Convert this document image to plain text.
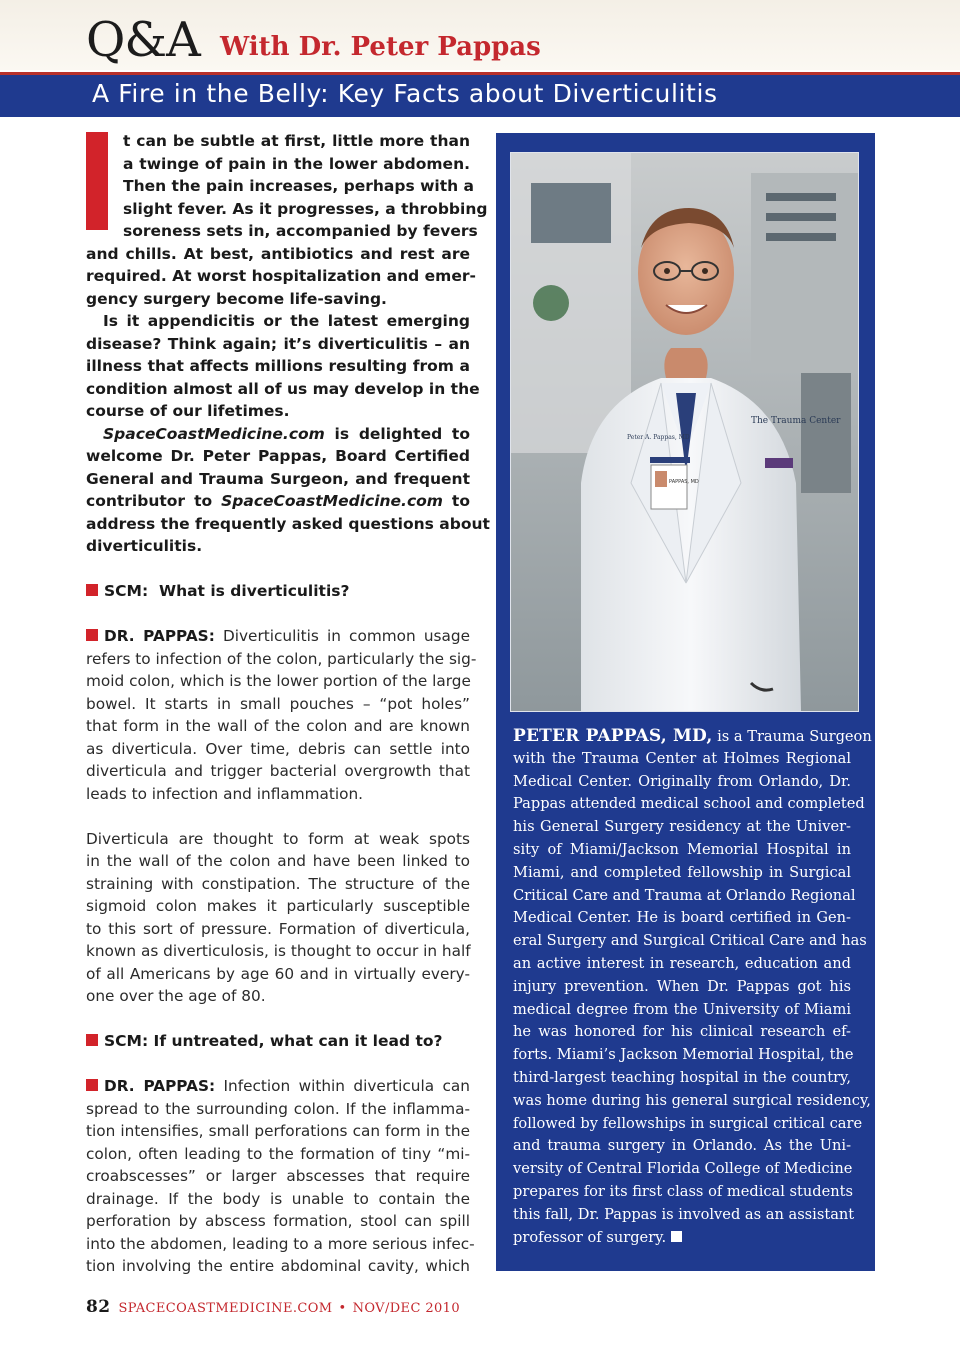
Q&A With Dr. Peter Pappas
A Fire in the Belly: Key Facts about Diverticulitis
t can be subtle at first, little more than
a twinge of pain in the lower abdomen.
Then the pain increases, perhaps with a
slight fever. As it progresses, a throbbing
soreness sets in, accompanied by fevers
and chills. At best, antibiotics and rest are
required. At worst hospitalization and emer-
gency surgery become life-saving.
Is it appendicitis or the latest emerging
disease? Think again; it’s diverticulitis – an
illness that affects millions resulting from a
condition almost all of us may develop in the
course of our lifetimes.
SpaceCoastMedicine.com is delighted to
welcome Dr. Peter Pappas, Board Certified
General and Trauma Surgeon, and frequent
contributor to SpaceCoastMedicine.com to
address the frequently asked questions about
diverticulitis.
SCM: What is diverticulitis?
DR. PAPPAS: Diverticulitis in common usage
refers to infection of the colon, particularly the sig-
moid colon, which is the lower portion of the large
bowel. It starts in small pouches – “pot holes”
that form in the wall of the colon and are known
as diverticula. Over time, debris can settle into
diverticula and trigger bacterial overgrowth that
leads to infection and inflammation.
Diverticula are thought to form at weak spots
in the wall of the colon and have been linked to
straining with constipation. The structure of the
sigmoid colon makes it particularly susceptible
to this sort of pressure. Formation of diverticula,
known as diverticulosis, is thought to occur in half
of all Americans by age 60 and in virtually every-
one over the age of 80.
SCM: If untreated, what can it lead to?
DR. PAPPAS: Infection within diverticula can
spread to the surrounding colon. If the inflamma-
tion intensifies, small perforations can form in the
colon, often leading to the formation of tiny “mi-
croabscesses” or larger abscesses that require
drainage. If the body is unable to contain the
perforation by abscess formation, stool can spill
into the abdomen, leading to a more serious infec-
tion involving the entire abdominal cavity, which
Peter A. Pappas, MD
PAPPAS, MD
The Trauma Center
PETER PAPPAS, MD, is a Trauma Surgeon
with the Trauma Center at Holmes Regional
Medical Center. Originally from Orlando, Dr.
Pappas attended medical school and completed
his General Surgery residency at the Univer-
sity of Miami/Jackson Memorial Hospital in
Miami, and completed fellowship in Surgical
Critical Care and Trauma at Orlando Regional
Medical Center. He is board certified in Gen-
eral Surgery and Surgical Critical Care and has
an active interest in research, education and
injury prevention. When Dr. Pappas got his
medical degree from the University of Miami
he was honored for his clinical research ef-
forts. Miami’s Jackson Memorial Hospital, the
third-largest teaching hospital in the country,
was home during his general surgical residency,
followed by fellowships in surgical critical care
and trauma surgery in Orlando. As the Uni-
versity of Central Florida College of Medicine
prepares for its first class of medical students
this fall, Dr. Pappas is involved as an assistant
professor of surgery.
82 SPACECOASTMEDICINE.COM • NOV/DEC 2010
